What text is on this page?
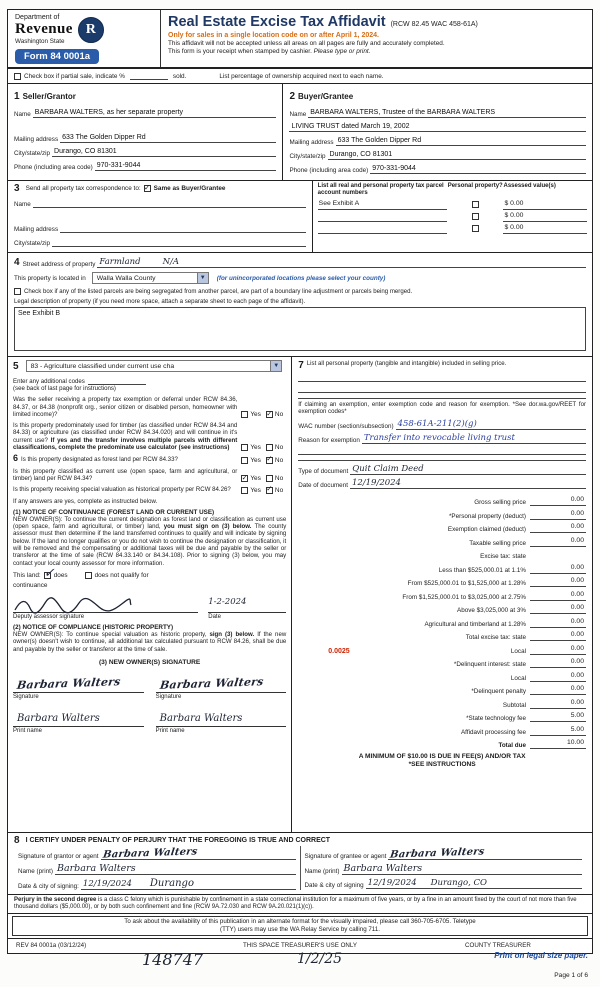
Department of
Revenue
Washington State
R
Form 84 0001a
Real Estate Excise Tax Affidavit (RCW 82.45 WAC 458-61A)
Only for sales in a single location code on or after April 1, 2024.
This affidavit will not be accepted unless all areas on all pages are fully and accurately completed.
This form is your receipt when stamped by cashier. Please type or print.
Check box if partial sale, indicate %	sold.	List percentage of ownership acquired next to each name.
1 Seller/Grantor
Name BARBARA WALTERS, as her separate property
Mailing address 633 The Golden Dipper Rd
City/state/zip Durango, CO 81301
Phone (including area code) 970-331-9044
2 Buyer/Grantee
Name BARBARA WALTERS, Trustee of the BARBARA WALTERS
LIVING TRUST dated March 19, 2002
Mailing address 633 The Golden Dipper Rd
City/state/zip Durango, CO 81301
Phone (including area code) 970-331-9044
3 Send all property tax correspondence to: ✓ Same as Buyer/Grantee
Name
Mailing address
City/state/zip
List all real and personal property tax parcel account numbers
Personal property? Assessed value(s)
See Exhibit A	$ 0.00
$ 0.00
$ 0.00
4 Street address of property Farmland	N/A
This property is located in	Walla Walla County	▼	(for unincorporated locations please select your county)
Check box if any of the listed parcels are being segregated from another parcel, are part of a boundary line adjustment or parcels being merged.
Legal description of property (if you need more space, attach a separate sheet to each page of the affidavit).
See Exhibit B
5	83 - Agriculture classified under current use cha	▼
Enter any additional codes
(see back of last page for instructions)
Was the seller receiving a property tax exemption or deferral under RCW 84.36, 84.37, or 84.38 (nonprofit org., senior citizen or disabled person, homeowner with limited income)?	Yes ✓ No
Is this property predominately used for timber (as classified under RCW 84.34 and 84.33) or agriculture (as classified under RCW 84.34.020) and will continue in it's current use? If yes and the transfer involves multiple parcels with different classifications, complete the predominate use calculator (see instructions)	Yes No
6 Is this property designated as forest land per RCW 84.33?	Yes ✓ No
Is this property classified as current use (open space, farm and agricultural, or timber) land per RCW 84.34?	✓ Yes No
Is this property receiving special valuation as historical property per RCW 84.26?	Yes ✓ No
If any answers are yes, complete as instructed below.
(1) NOTICE OF CONTINUANCE (FOREST LAND OR CURRENT USE)
NEW OWNER(S): To continue the current designation as forest land or classification as current use (open space, farm and agricultural, or timber) land, you must sign on (3) below. The county assessor must then determine if the land transferred continues to qualify and will indicate by signing below. If the land no longer qualifies or you do not wish to continue the designation or classification, it will be removed and the compensating or additional taxes will be due and payable by the seller or transferor at the time of sale (RCW 84.33.140 or 84.34.108). Prior to signing (3) below, you may contact your local county assessor for more information.
This land: ✓ does	does not qualify for
continuance
1-2-2024
Deputy assessor signature	Date
(2) NOTICE OF COMPLIANCE (HISTORIC PROPERTY)
NEW OWNER(S): To continue special valuation as historic property, sign (3) below. If the new owner(s) doesn't wish to continue, all additional tax calculated pursuant to RCW 84.26, shall be due and payable by the seller or transferor at the time of sale.
(3) NEW OWNER(S) SIGNATURE
Barbara Walters	Barbara Walters
Signature	Signature
Barbara Walters	Barbara Walters
Print name	Print name
7 List all personal property (tangible and intangible) included in selling price.
If claiming an exemption, enter exemption code and reason for exemption. *See dor.wa.gov/REET for exemption codes*
WAC number (section/subsection) 458-61A-211(2)(g)
Reason for exemption Transfer into revocable living trust
Type of document Quit Claim Deed
Date of document 12/19/2024
Gross selling price	0.00
*Personal property (deduct)	0.00
Exemption claimed (deduct)	0.00
Taxable selling price	0.00
Excise tax: state
Less than $525,000.01 at 1.1%	0.00
From $525,000.01 to $1,525,000 at 1.28%	0.00
From $1,525,000.01 to $3,025,000 at 2.75%	0.00
Above $3,025,000 at 3%	0.00
Agricultural and timberland at 1.28%	0.00
Total excise tax: state	0.00
0.0025	Local	0.00
*Delinquent interest: state	0.00
Local	0.00
*Delinquent penalty	0.00
Subtotal	0.00
*State technology fee	5.00
Affidavit processing fee	5.00
Total due	10.00
A MINIMUM OF $10.00 IS DUE IN FEE(S) AND/OR TAX
*SEE INSTRUCTIONS
8 I CERTIFY UNDER PENALTY OF PERJURY THAT THE FOREGOING IS TRUE AND CORRECT
Signature of grantor or agent Barbara Walters
Name (print) Barbara Walters
Date & city of signing: 12/19/2024 Durango
Signature of grantee or agent Barbara Walters
Name (print) Barbara Walters
Date & city of signing 12/19/2024 Durango, CO
Perjury in the second degree is a class C felony which is punishable by confinement in a state correctional institution for a maximum of five years, or by a fine in an amount fixed by the court of not more than five thousand dollars ($5,000.00), or by both such confinement and fine (RCW 9A.72.030 and RCW 9A.20.021(1)(c)).
To ask about the availability of this publication in an alternate format for the visually impaired, please call 360-705-6705. Teletype
(TTY) users may use the WA Relay Service by calling 711.
REV 84 0001a (03/12/24)	THIS SPACE TREASURER'S USE ONLY	COUNTY TREASURER
148747	1/2/25	Print on legal size paper.
Page 1 of 6
